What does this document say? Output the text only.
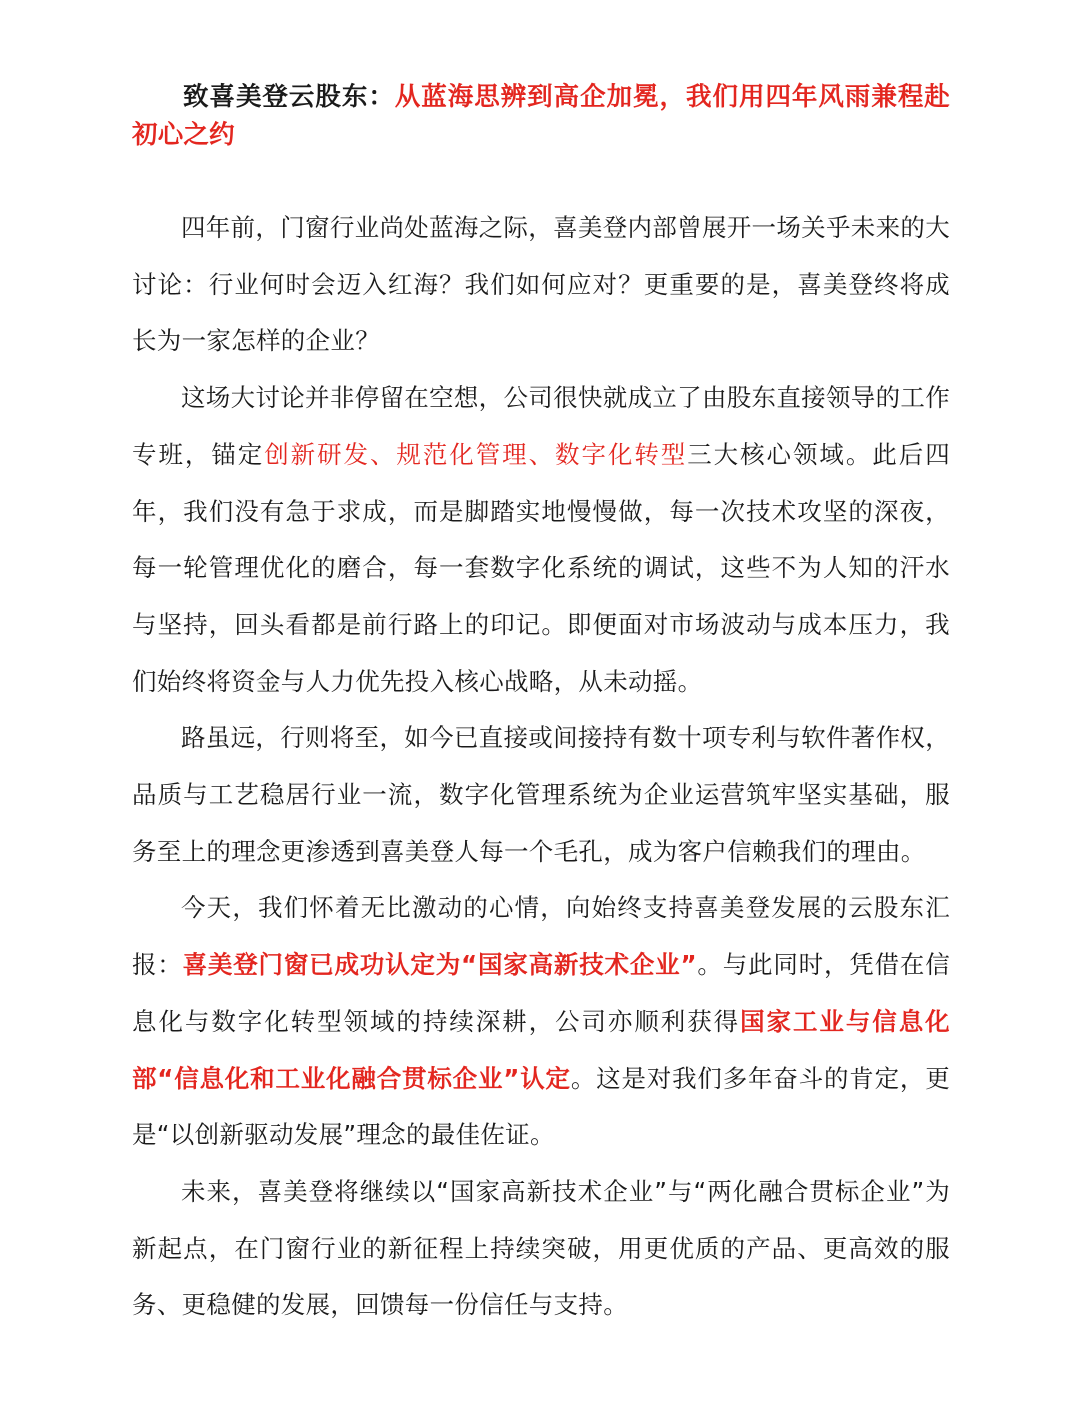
致喜美登云股东：从蓝海思辨到高企加冕，我们用四年风雨兼程赴初心之约

四年前，门窗行业尚处蓝海之际，喜美登内部曾展开一场关乎未来的大讨论：行业何时会迈入红海？我们如何应对？更重要的是，喜美登终将成长为一家怎样的企业？

这场大讨论并非停留在空想，公司很快就成立了由股东直接领导的工作专班，锚定创新研发、规范化管理、数字化转型三大核心领域。此后四年，我们没有急于求成，而是脚踏实地慢慢做，每一次技术攻坚的深夜，每一轮管理优化的磨合，每一套数字化系统的调试，这些不为人知的汗水与坚持，回头看都是前行路上的印记。即便面对市场波动与成本压力，我们始终将资金与人力优先投入核心战略，从未动摇。

路虽远，行则将至，如今已直接或间接持有数十项专利与软件著作权，品质与工艺稳居行业一流，数字化管理系统为企业运营筑牢坚实基础，服务至上的理念更渗透到喜美登人每一个毛孔，成为客户信赖我们的理由。

今天，我们怀着无比激动的心情，向始终支持喜美登发展的云股东汇报：喜美登门窗已成功认定为“国家高新技术企业”。与此同时，凭借在信息化与数字化转型领域的持续深耕，公司亦顺利获得国家工业与信息化部“信息化和工业化融合贯标企业”认定。这是对我们多年奋斗的肯定，更是“以创新驱动发展”理念的最佳佐证。

未来，喜美登将继续以“国家高新技术企业”与“两化融合贯标企业”为新起点，在门窗行业的新征程上持续突破，用更优质的产品、更高效的服务、更稳健的发展，回馈每一份信任与支持。
